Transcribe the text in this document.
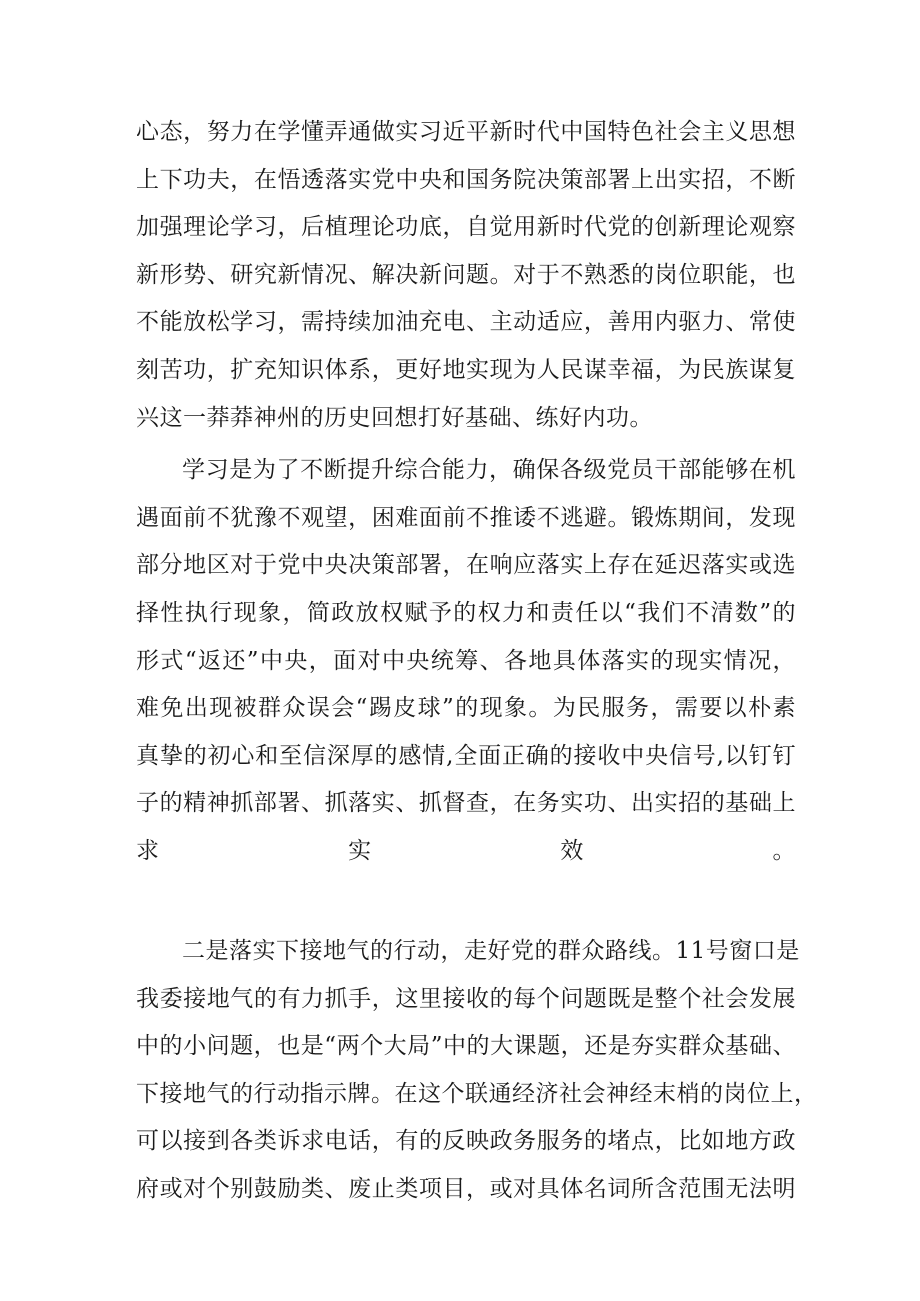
心态，努力在学懂弄通做实习近平新时代中国特色社会主义思想
上下功夫，在悟透落实党中央和国务院决策部署上出实招，不断
加强理论学习，后植理论功底，自觉用新时代党的创新理论观察
新形势、研究新情况、解决新问题。对于不熟悉的岗位职能，也
不能放松学习，需持续加油充电、主动适应，善用内驱力、常使
刻苦功，扩充知识体系，更好地实现为人民谋幸福，为民族谋复
兴这一莽莽神州的历史回想打好基础、练好内功。

学习是为了不断提升综合能力，确保各级党员干部能够在机
遇面前不犹豫不观望，困难面前不推诿不逃避。锻炼期间，发现
部分地区对于党中央决策部署，在响应落实上存在延迟落实或选
择性执行现象，简政放权赋予的权力和责任以“我们不清数”的
形式“返还”中央，面对中央统筹、各地具体落实的现实情况，
难免出现被群众误会“踢皮球”的现象。为民服务，需要以朴素
真挚的初心和至信深厚的感情,全面正确的接收中央信号,以钉钉
子的精神抓部署、抓落实、抓督查，在务实功、出实招的基础上
求实效。

二是落实下接地气的行动，走好党的群众路线。11号窗口是
我委接地气的有力抓手，这里接收的每个问题既是整个社会发展
中的小问题，也是“两个大局”中的大课题，还是夯实群众基础、
下接地气的行动指示牌。在这个联通经济社会神经末梢的岗位上，
可以接到各类诉求电话，有的反映政务服务的堵点，比如地方政
府或对个别鼓励类、废止类项目，或对具体名词所含范围无法明
